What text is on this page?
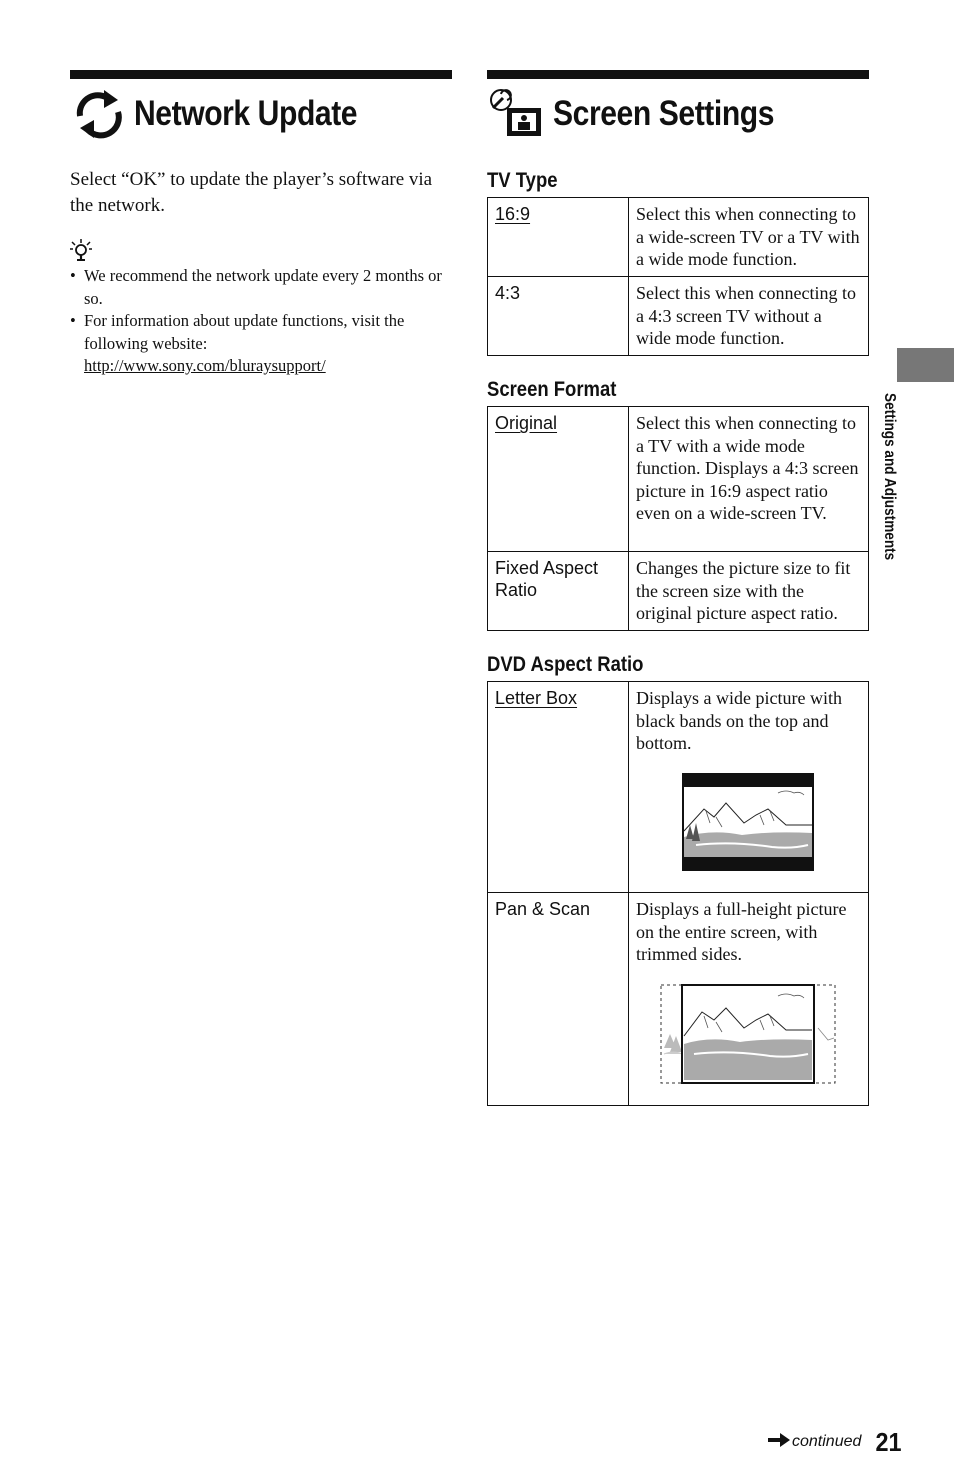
Network Update
Select “OK” to update the player’s software via the network.
• We recommend the network update every 2 months or so.
• For information about update functions, visit the following website:
http://www.sony.com/bluraysupport/
Screen Settings
TV Type
16:9	Select this when connecting to a wide-screen TV or a TV with a wide mode function.
4:3	Select this when connecting to a 4:3 screen TV without a wide mode function.
Screen Format
Original	Select this when connecting to a TV with a wide mode function. Displays a 4:3 screen picture in 16:9 aspect ratio even on a wide-screen TV.
Fixed Aspect Ratio	Changes the picture size to fit the screen size with the original picture aspect ratio.
DVD Aspect Ratio
Letter Box	Displays a wide picture with black bands on the top and bottom.

Pan & Scan	Displays a full-height picture on the entire screen, with trimmed sides.
Settings and Adjustments
continued 21
